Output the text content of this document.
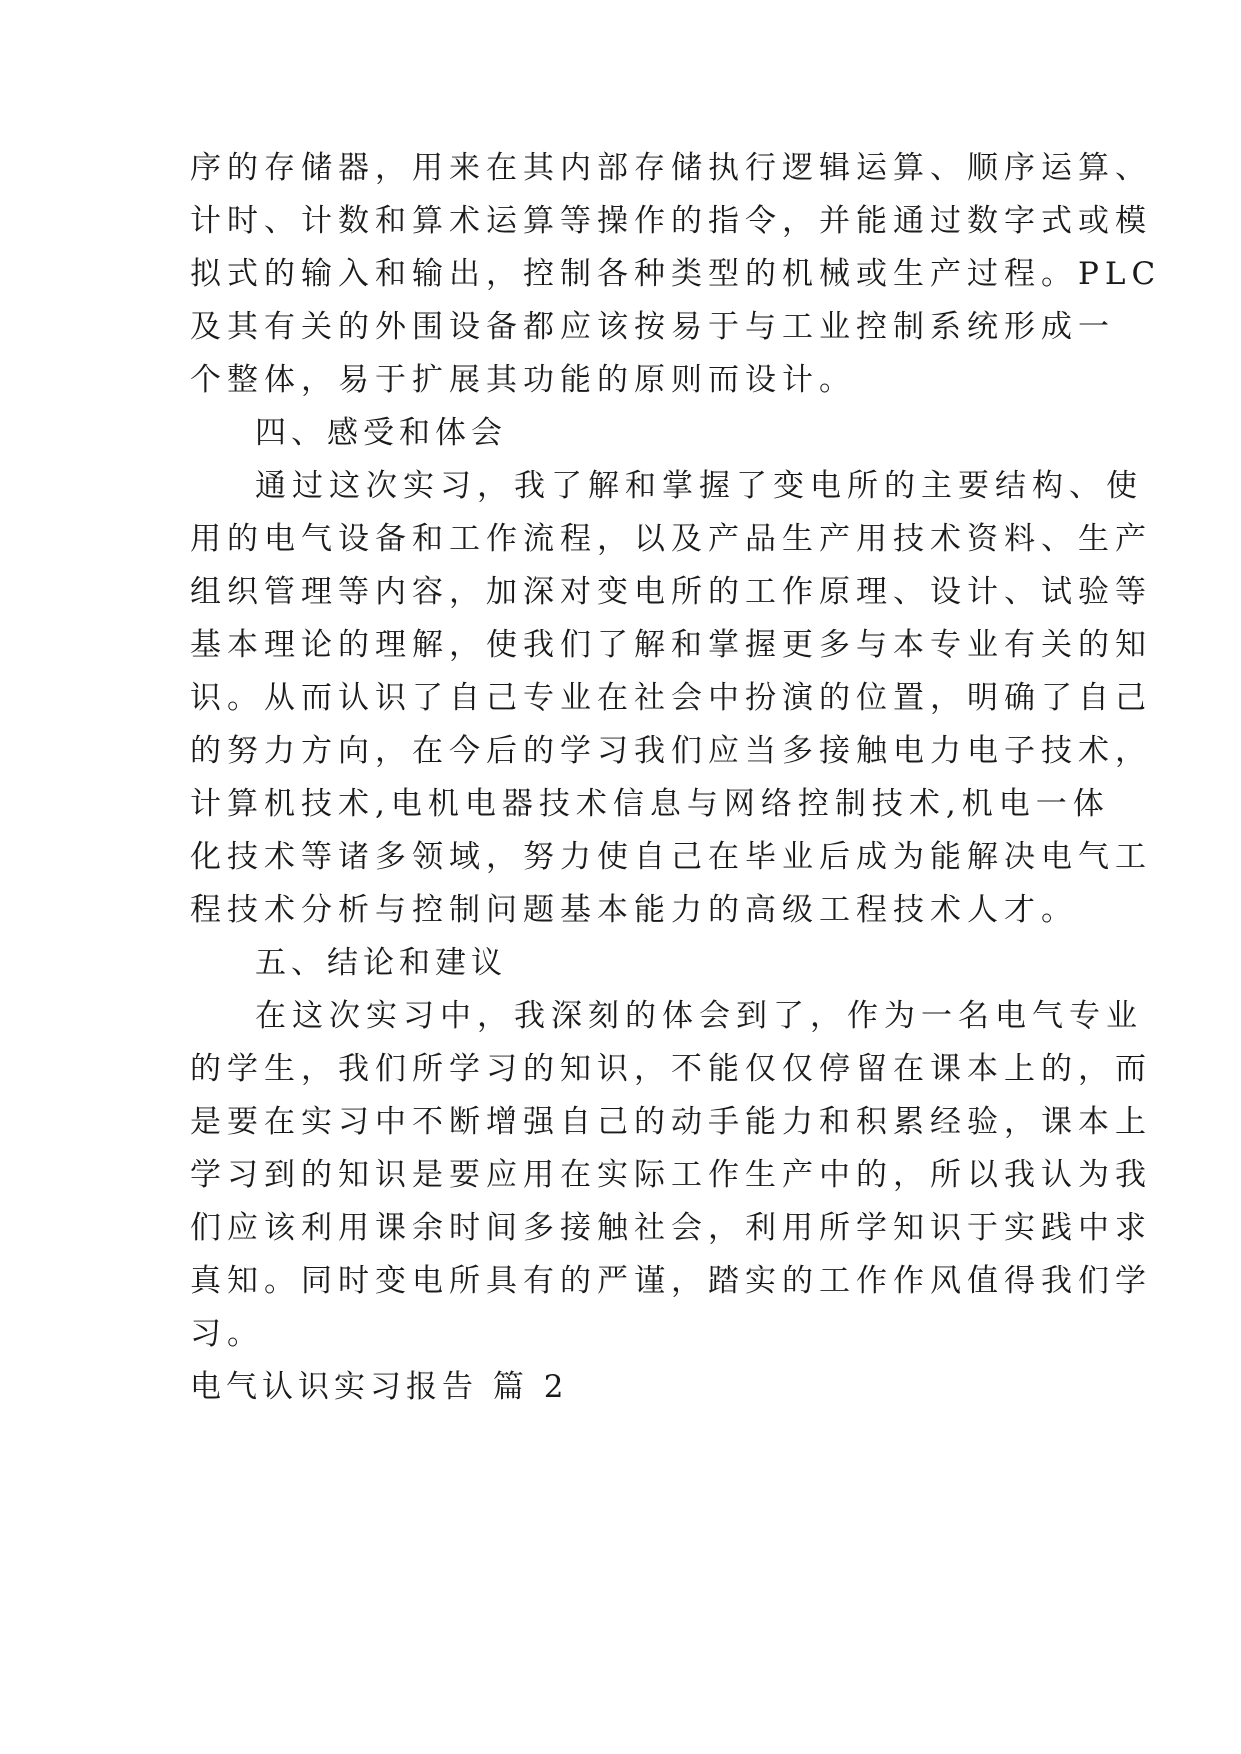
序的存储器，用来在其内部存储执行逻辑运算、顺序运算、
计时、计数和算术运算等操作的指令，并能通过数字式或模
拟式的输入和输出，控制各种类型的机械或生产过程。PLC
及其有关的外围设备都应该按易于与工业控制系统形成一
个整体，易于扩展其功能的原则而设计。
四、感受和体会
通过这次实习，我了解和掌握了变电所的主要结构、使
用的电气设备和工作流程，以及产品生产用技术资料、生产
组织管理等内容，加深对变电所的工作原理、设计、试验等
基本理论的理解，使我们了解和掌握更多与本专业有关的知
识。从而认识了自己专业在社会中扮演的位置，明确了自己
的努力方向，在今后的学习我们应当多接触电力电子技术，
计算机技术,电机电器技术信息与网络控制技术,机电一体
化技术等诸多领域，努力使自己在毕业后成为能解决电气工
程技术分析与控制问题基本能力的高级工程技术人才。
五、结论和建议
在这次实习中，我深刻的体会到了，作为一名电气专业
的学生，我们所学习的知识，不能仅仅停留在课本上的，而
是要在实习中不断增强自己的动手能力和积累经验，课本上
学习到的知识是要应用在实际工作生产中的，所以我认为我
们应该利用课余时间多接触社会，利用所学知识于实践中求
真知。同时变电所具有的严谨，踏实的工作作风值得我们学
习。
电气认识实习报告 篇 2
